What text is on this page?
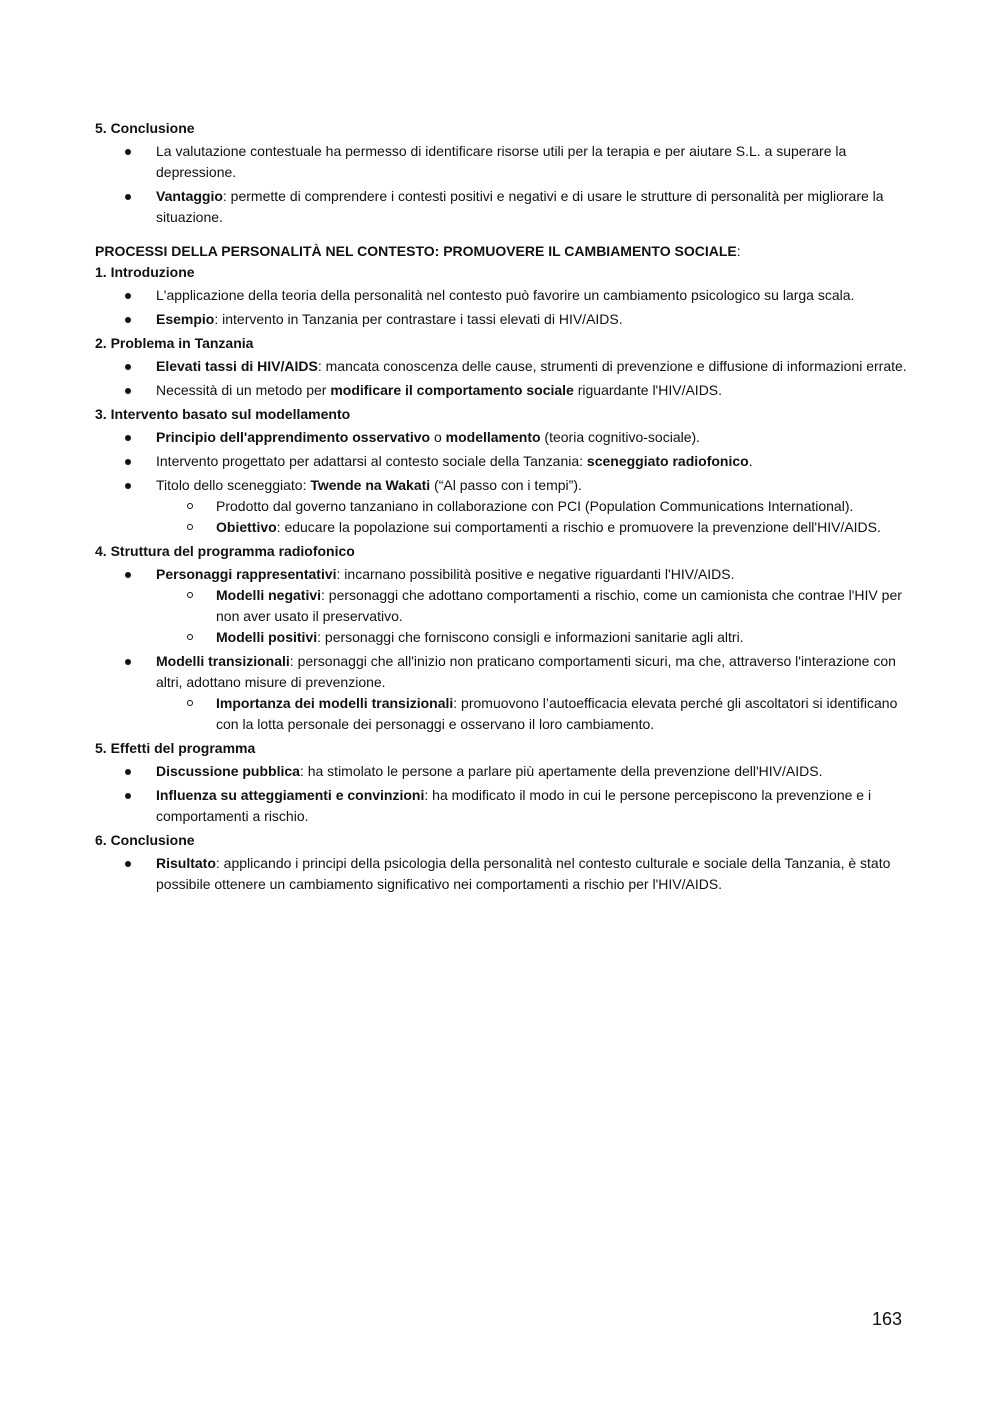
5. Conclusione

La valutazione contestuale ha permesso di identificare risorse utili per la terapia e per aiutare S.L. a superare la depressione.
Vantaggio: permette di comprendere i contesti positivi e negativi e di usare le strutture di personalità per migliorare la situazione.

PROCESSI DELLA PERSONALITÀ NEL CONTESTO: PROMUOVERE IL CAMBIAMENTO SOCIALE:

1. Introduzione

L'applicazione della teoria della personalità nel contesto può favorire un cambiamento psicologico su larga scala.
Esempio: intervento in Tanzania per contrastare i tassi elevati di HIV/AIDS.

2. Problema in Tanzania

Elevati tassi di HIV/AIDS: mancata conoscenza delle cause, strumenti di prevenzione e diffusione di informazioni errate.
Necessità di un metodo per modificare il comportamento sociale riguardante l'HIV/AIDS.

3. Intervento basato sul modellamento

Principio dell'apprendimento osservativo o modellamento (teoria cognitivo-sociale).
Intervento progettato per adattarsi al contesto sociale della Tanzania: sceneggiato radiofonico.
Titolo dello sceneggiato: Twende na Wakati (“Al passo con i tempi”).
Prodotto dal governo tanzaniano in collaborazione con PCI (Population Communications International).
Obiettivo: educare la popolazione sui comportamenti a rischio e promuovere la prevenzione dell'HIV/AIDS.

4. Struttura del programma radiofonico

Personaggi rappresentativi: incarnano possibilità positive e negative riguardanti l'HIV/AIDS.
Modelli negativi: personaggi che adottano comportamenti a rischio, come un camionista che contrae l'HIV per non aver usato il preservativo.
Modelli positivi: personaggi che forniscono consigli e informazioni sanitarie agli altri.
Modelli transizionali: personaggi che all'inizio non praticano comportamenti sicuri, ma che, attraverso l'interazione con altri, adottano misure di prevenzione.
Importanza dei modelli transizionali: promuovono l’autoefficacia elevata perché gli ascoltatori si identificano con la lotta personale dei personaggi e osservano il loro cambiamento.

5. Effetti del programma

Discussione pubblica: ha stimolato le persone a parlare più apertamente della prevenzione dell'HIV/AIDS.
Influenza su atteggiamenti e convinzioni: ha modificato il modo in cui le persone percepiscono la prevenzione e i comportamenti a rischio.

6. Conclusione

Risultato: applicando i principi della psicologia della personalità nel contesto culturale e sociale della Tanzania, è stato possibile ottenere un cambiamento significativo nei comportamenti a rischio per l'HIV/AIDS.
163
